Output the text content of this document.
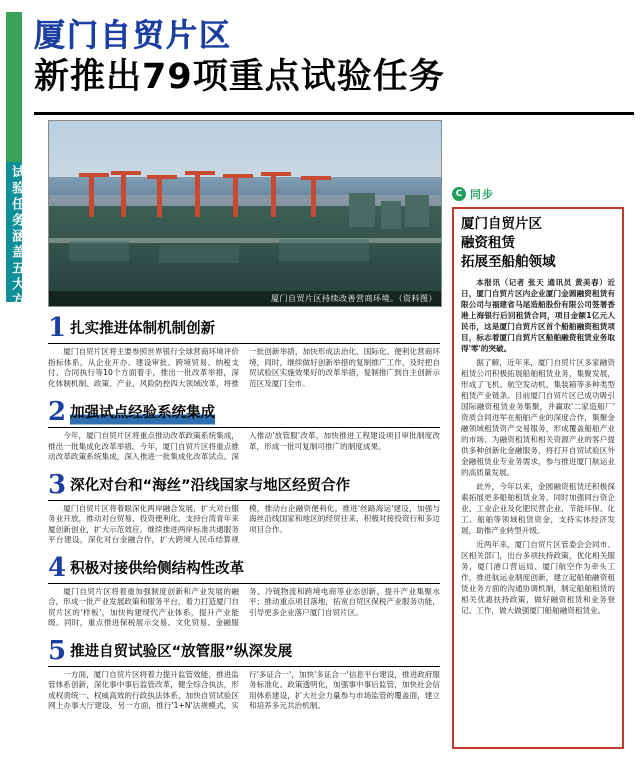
试验任务涵盖五大方面
厦门自贸片区
新推出79项重点试验任务
厦门自贸片区持续改善营商环境。（资料图）
1 扎实推进体制机制创新

厦门自贸片区将主要参照世界银行全球营商环境评价指标体系，从企业开办、建设审批、跨境贸易、纳税支付、合同执行等10个方面着手，推出一批改革举措，深化体制机制、政策、产业、风险防控四大领域改革，将推一批创新举措，加快形成法治化、国际化、便利化营商环境，同时，继续做好创新举措的复制推广工作，及时把自贸试验区实施效果好的改革举措，复制推广到自主创新示范区及厦门全市。

2 加强试点经验系统集成

今年，厦门自贸片区将重点推动改革政策系统集成，推出一批集成化改革举措。今年，厦门自贸片区将重点推动改革政策系统集成，深入推进一批集成化改革试点。深入推动'放管服'改革，加快推进工程建设项目审批制度改革，形成一批可复制可推广的制度成果。

3 深化对台和“海丝”沿线国家与地区经贸合作

厦门自贸片区将着眼深化两岸融合发展，扩大对台服务业开放，推动对台贸易、投资便利化，支持台湾青年来厦创新创业，扩大示范效应。继续推进两岸标准共通服务平台建设，深化对台金融合作，扩大跨境人民币结算规模，推动台企融资便利化。推进'丝路海运'建设，加强与海丝沿线国家和地区的经贸往来，积极对接投资行和多边项目合作。

4 积极对接供给侧结构性改革

厦门自贸片区将着重加强制度创新和产业发展的融合，形成一批产业发展政策和服务平台，着力打造厦门自贸片区的'样板'，加快构建现代产业体系，提升产业能级。同时，重点推进保税展示交易、文化贸易、金融服务、冷链物流和跨境电商等业态创新，提升产业集聚水平；推动重点项目落地，拓宽自贸区保税产业服务功能，引导更多企业落户厦门自贸片区。

5 推进自贸试验区“放管服”纵深发展

一方面，厦门自贸片区将着力提升监管效能，推进监管体系创新，深化事中事后监管改革，健全综合执法，形成权责统一、权威高效的行政执法体系，加快自贸试验区网上办事大厅建设，另一方面，推行'1+N'法规模式，实行'多证合一'，加快'多证合一'信息平台建设，推进政府服务标准化、政策透明化，加强事中事后监管，加快社会信用体系建设，扩大社会力量参与市场监管的覆盖面，建立和培养多元共治机制。

C 同步
厦门自贸片区
融资租赁
拓展至船舶领域

本报讯（记者 张天 通讯员 黄美春）近日，厦门自贸片区内企业厦门金圆融资租赁有限公司与福建省马尾造船股份有限公司签署香港上海银行后回租赁合同，项目金额1亿元人民币，这是厦门自贸片区首个船舶融资租赁项目，标志着厦门自贸片区船舶融资租赁业务取得'零'的突破。

据了解，近年来，厦门自贸片区多家融资租赁公司积极拓展船舶租赁业务，集聚发展，形成了飞机、航空发动机、集装箱等多种类型租赁产业链条。目前厦门自贸片区已成功吸引国际融资租赁业务集聚，并赢取'二家造船厂' 资质合同进军在船舶产业的深度合作，集聚金融领域租赁资产交易服务，形成覆盖船舶产业的市场、为融资租赁和相关资源产业的客户提供多种创新化金融服务，将打开自贸试验区外金融租赁业专业务需求，参与推进厦门航运业的高质量发展。

此外，今年以来，金圆融资租赁还积极探索拓展更多船舶租赁业务，同时加强同台资企业、工业企业及化肥民营企业，节能环保、化工、船舶等领域租赁资金，支持实体经济发展，助推产业转型升级。

近两年来，厦门自贸片区管委会会同市、区相关部门，出台多项扶持政策，优化相关服务，厦门港口营运局、厦门航空作为牵头工作，推进航运业制度创新，建立起船舶融资租赁业务方面的沟通协调机制，制定船舶租赁的相关优惠扶持政策，做好融资租赁和业务登记、工作，做大做强厦门船舶融资租赁业。
